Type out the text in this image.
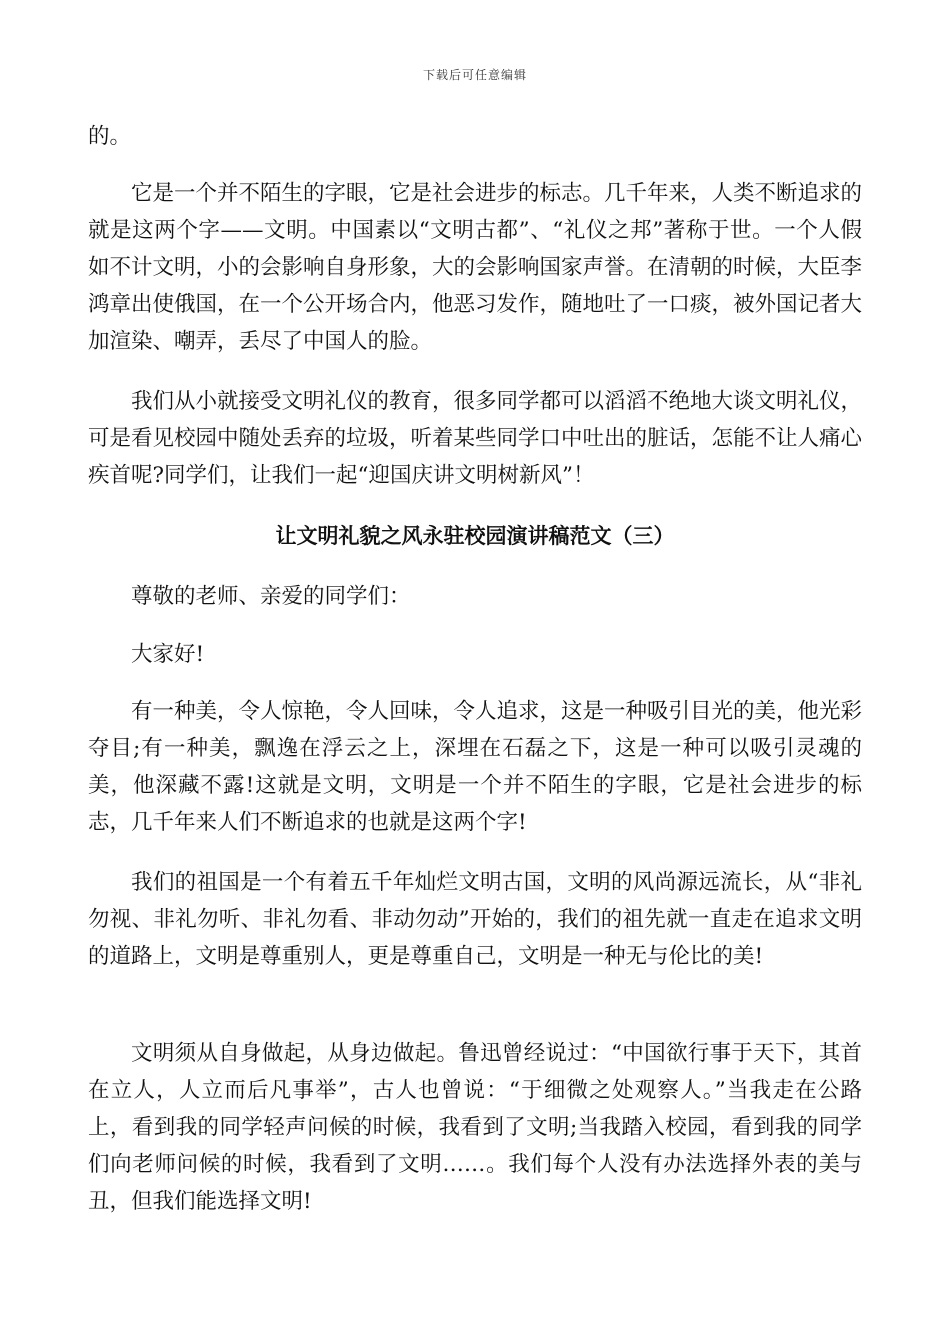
下载后可任意编辑

的。

它是一个并不陌生的字眼，它是社会进步的标志。几千年来，人类不断追求的就是这两个字——文明。中国素以“文明古都”、“礼仪之邦”著称于世。一个人假如不计文明，小的会影响自身形象，大的会影响国家声誉。在清朝的时候，大臣李鸿章出使俄国，在一个公开场合内，他恶习发作，随地吐了一口痰，被外国记者大加渲染、嘲弄，丢尽了中国人的脸。

我们从小就接受文明礼仪的教育，很多同学都可以滔滔不绝地大谈文明礼仪，可是看见校园中随处丢弃的垃圾，听着某些同学口中吐出的脏话，怎能不让人痛心疾首呢?同学们，让我们一起“迎国庆讲文明树新风”！

让文明礼貌之风永驻校园演讲稿范文（三）

尊敬的老师、亲爱的同学们：

大家好!

有一种美，令人惊艳，令人回味，令人追求，这是一种吸引目光的美，他光彩夺目;有一种美，飘逸在浮云之上，深埋在石磊之下，这是一种可以吸引灵魂的美，他深藏不露!这就是文明，文明是一个并不陌生的字眼，它是社会进步的标志，几千年来人们不断追求的也就是这两个字!

我们的祖国是一个有着五千年灿烂文明古国，文明的风尚源远流长，从“非礼勿视、非礼勿听、非礼勿看、非动勿动”开始的，我们的祖先就一直走在追求文明的道路上，文明是尊重别人，更是尊重自己，文明是一种无与伦比的美!

文明须从自身做起，从身边做起。鲁迅曾经说过：“中国欲行事于天下，其首在立人，人立而后凡事举”，古人也曾说：“于细微之处观察人。”当我走在公路上，看到我的同学轻声问候的时候，我看到了文明;当我踏入校园，看到我的同学们向老师问候的时候，我看到了文明……。我们每个人没有办法选择外表的美与丑，但我们能选择文明!
